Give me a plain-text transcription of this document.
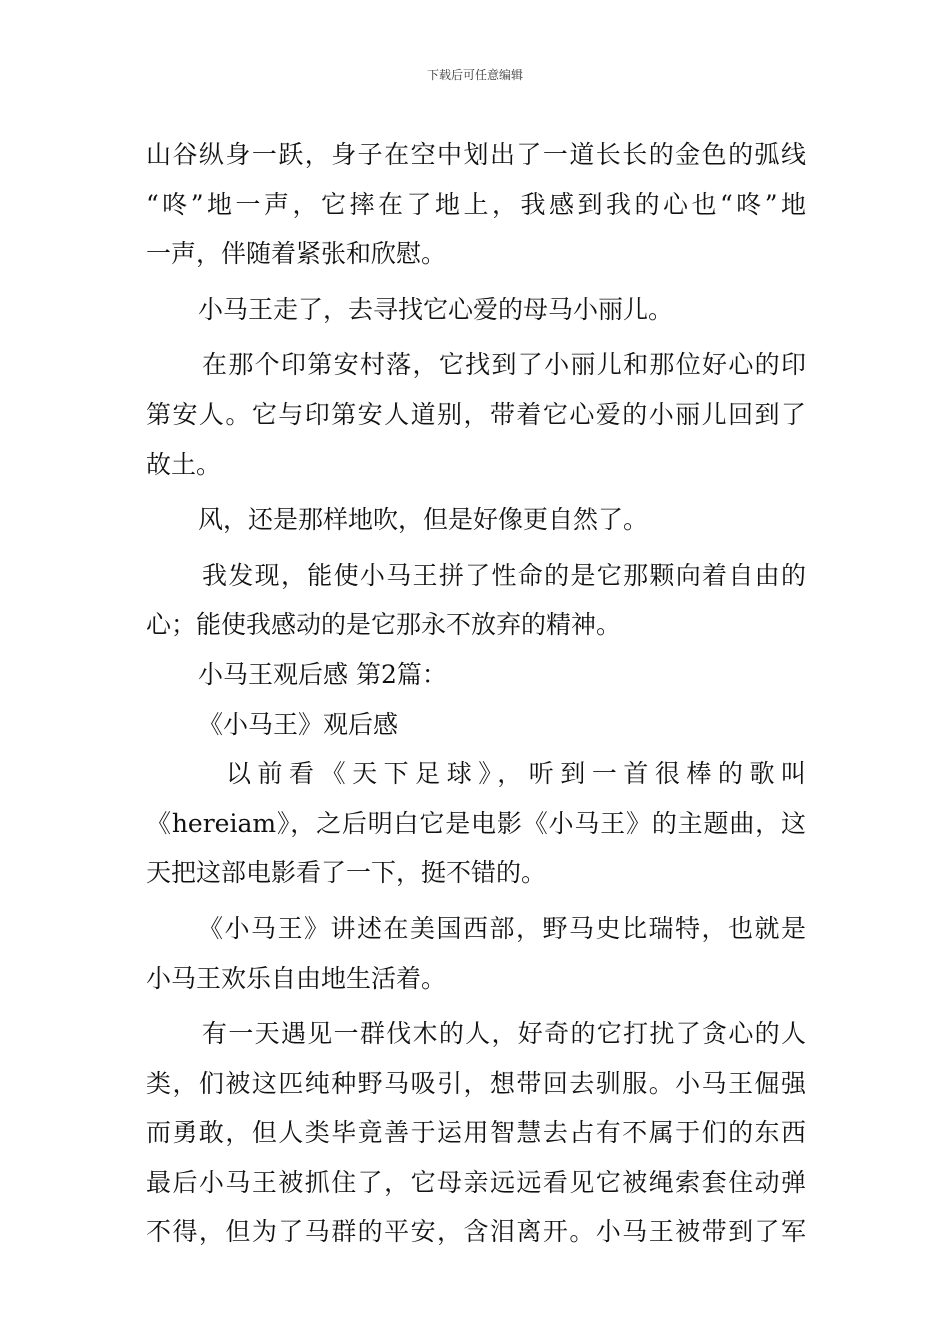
下载后可任意编辑
山谷纵身一跃，身子在空中划出了一道长长的金色的弧线
“咚”地一声，它摔在了地上，我感到我的心也“咚”地
一声，伴随着紧张和欣慰。
小马王走了，去寻找它心爱的母马小丽儿。
在那个印第安村落，它找到了小丽儿和那位好心的印
第安人。它与印第安人道别，带着它心爱的小丽儿回到了
故土。
风，还是那样地吹，但是好像更自然了。
我发现，能使小马王拼了性命的是它那颗向着自由的
心；能使我感动的是它那永不放弃的精神。
小马王观后感 第2篇：
《小马王》观后感
以前看《天下足球》，听到一首很棒的歌叫
《hereiam》，之后明白它是电影《小马王》的主题曲，这
天把这部电影看了一下，挺不错的。
《小马王》讲述在美国西部，野马史比瑞特，也就是
小马王欢乐自由地生活着。
有一天遇见一群伐木的人，好奇的它打扰了贪心的人
类，们被这匹纯种野马吸引，想带回去驯服。小马王倔强
而勇敢，但人类毕竟善于运用智慧去占有不属于们的东西
最后小马王被抓住了，它母亲远远看见它被绳索套住动弹
不得，但为了马群的平安，含泪离开。小马王被带到了军
